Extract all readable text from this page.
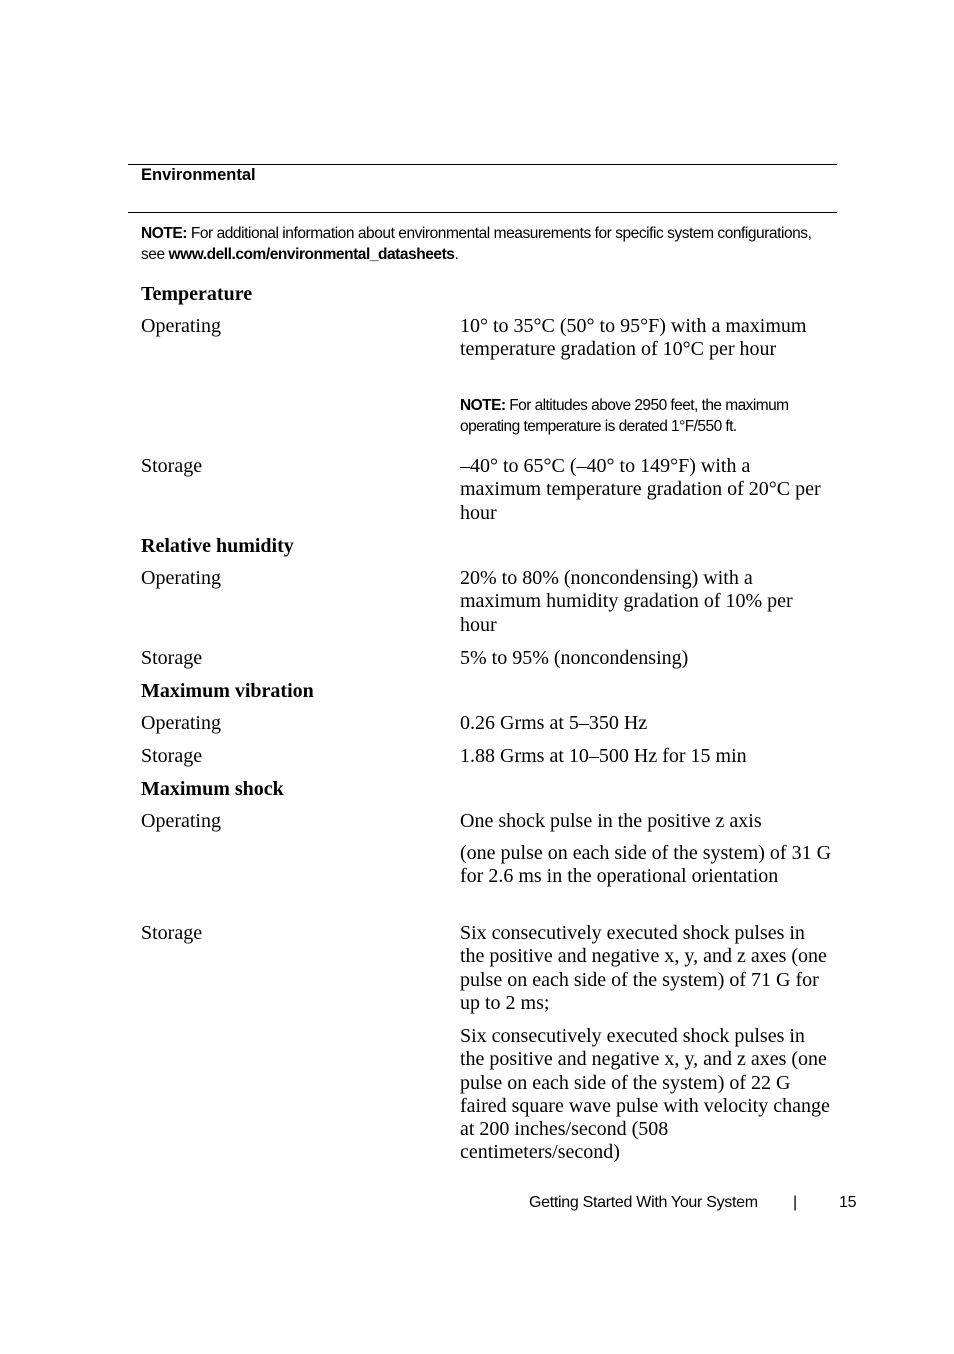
Environmental
NOTE: For additional information about environmental measurements for specific system configurations, see www.dell.com/environmental_datasheets.
Temperature
Operating	10° to 35°C (50° to 95°F) with a maximum temperature gradation of 10°C per hour
NOTE: For altitudes above 2950 feet, the maximum operating temperature is derated 1°F/550 ft.
Storage	–40° to 65°C (–40° to 149°F) with a maximum temperature gradation of 20°C per hour
Relative humidity
Operating	20% to 80% (noncondensing) with a maximum humidity gradation of 10% per hour
Storage	5% to 95% (noncondensing)
Maximum vibration
Operating	0.26 Grms at 5–350 Hz
Storage	1.88 Grms at 10–500 Hz for 15 min
Maximum shock
Operating	One shock pulse in the positive z axis
(one pulse on each side of the system) of 31 G for 2.6 ms in the operational orientation
Storage	Six consecutively executed shock pulses in the positive and negative x, y, and z axes (one pulse on each side of the system) of 71 G for up to 2 ms;
Six consecutively executed shock pulses in the positive and negative x, y, and z axes (one pulse on each side of the system) of 22 G faired square wave pulse with velocity change at 200 inches/second (508 centimeters/second)
Getting Started With Your System |	15
